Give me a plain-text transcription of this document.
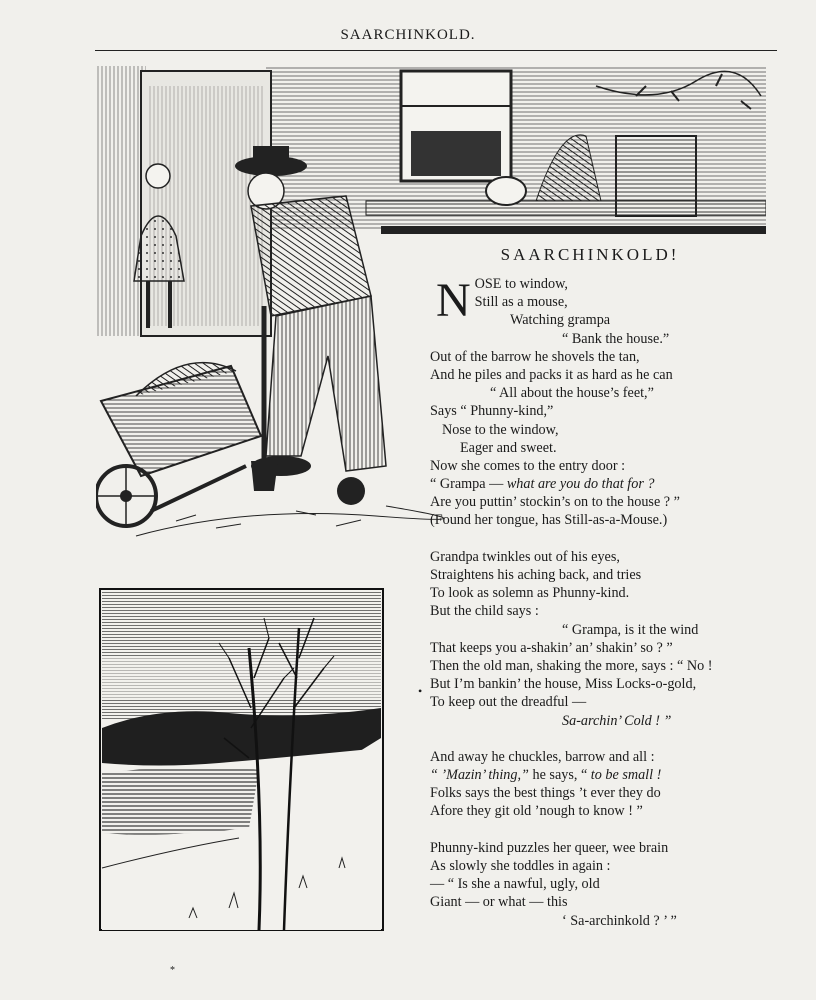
SAARCHINKOLD.
SAARCHINKOLD!
N OSE to window,
Still as a mouse,
Watching grampa
“ Bank the house.”
Out of the barrow he shovels the tan,
And he piles and packs it as hard as he can
“ All about the house’s feet,”
Says “ Phunny-kind,”
Nose to the window,
Eager and sweet.
Now she comes to the entry door :
“ Grampa — what are you do that for ?
Are you puttin’ stockin’s on to the house ? ”
(Found her tongue, has Still-as-a-Mouse.)
Grandpa twinkles out of his eyes,
Straightens his aching back, and tries
To look as solemn as Phunny-kind.
But the child says :
“ Grampa, is it the wind
That keeps you a-shakin’ an’ shakin’ so ? ”
Then the old man, shaking the more, says : “ No !
But I’m bankin’ the house, Miss Locks-o-gold,
To keep out the dreadful —
Sa-archin’ Cold ! ”
And away he chuckles, barrow and all :
“ ’Mazin’ thing,” he says, “ to be small !
Folks says the best things ’t ever they do
Afore they git old ’nough to know ! ”
Phunny-kind puzzles her queer, wee brain
As slowly she toddles in again :
— “ Is she a nawful, ugly, old
Giant — or what — this
‘ Sa-archinkold ? ’ ”
•
*
